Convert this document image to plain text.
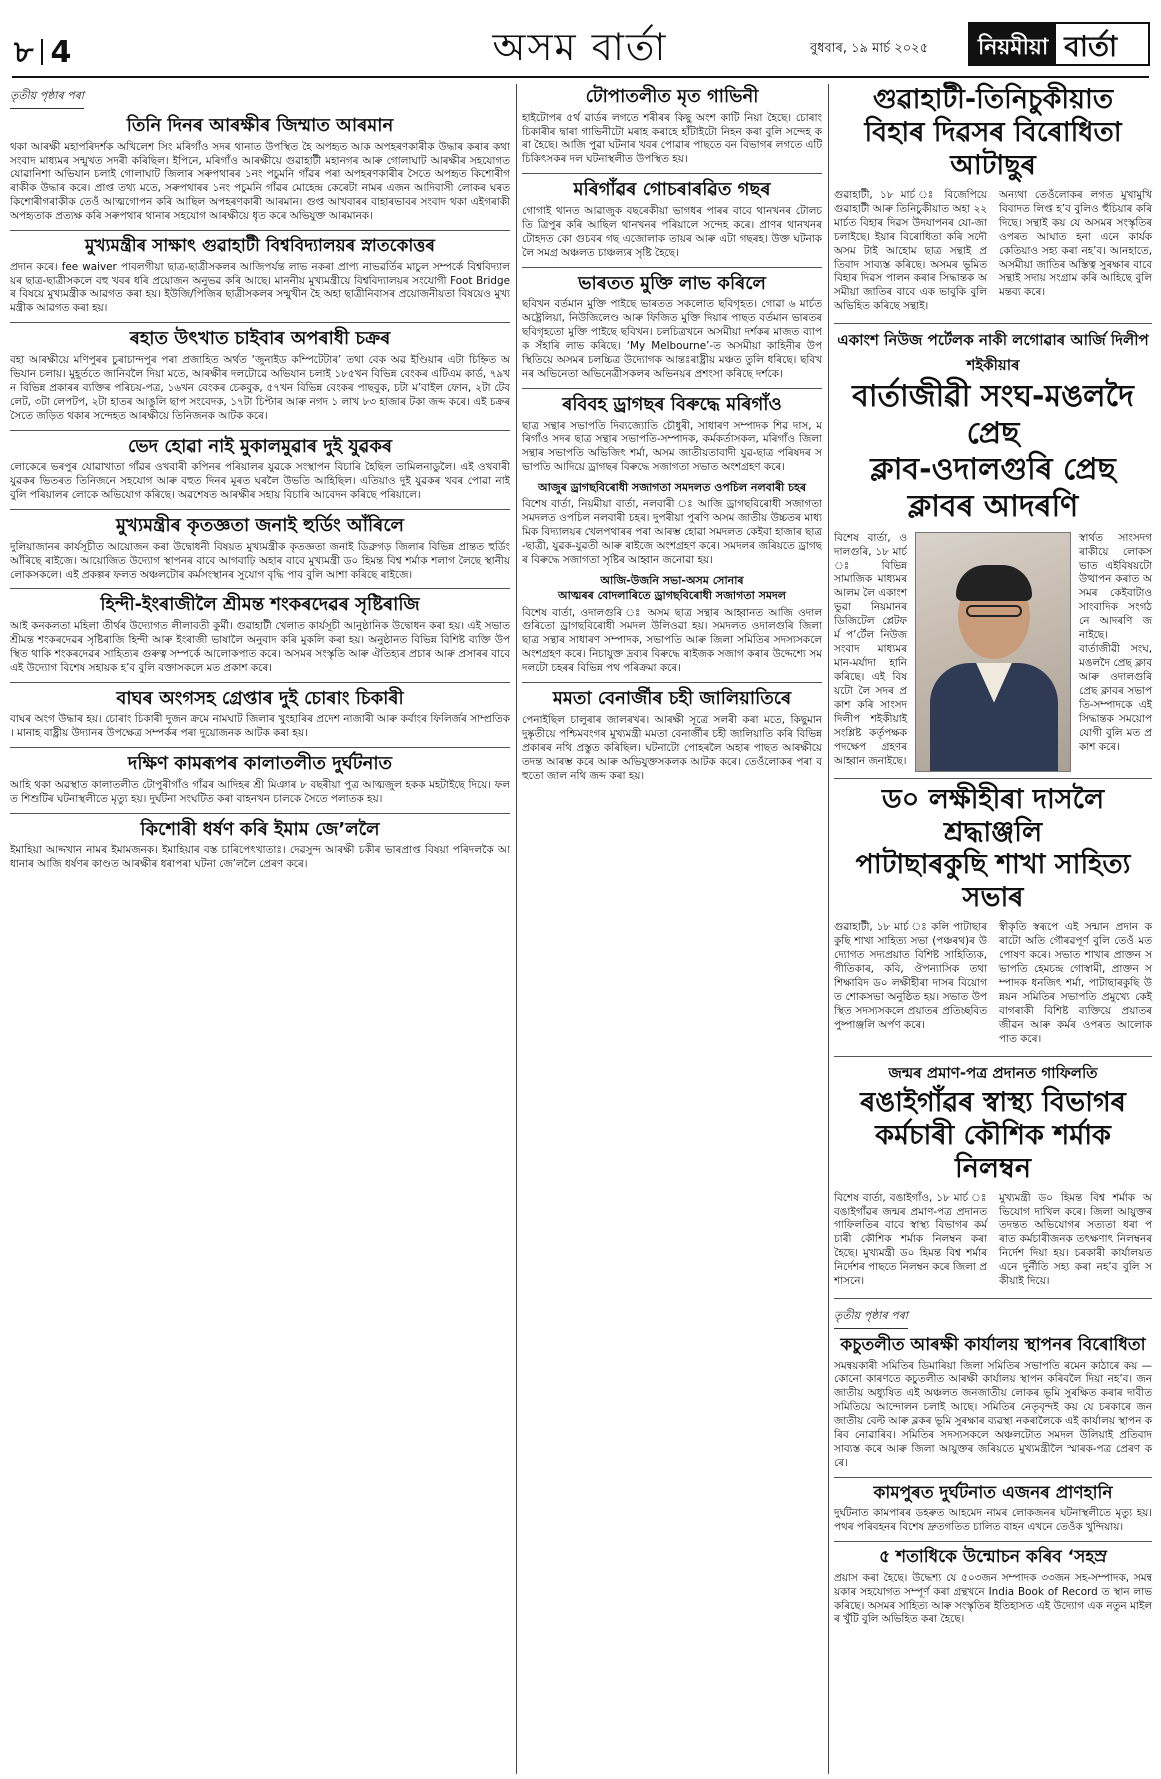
৮ 4	অসম বাৰ্তা	বুধবাৰ, ১৯ মাৰ্চ ২০২৫	নিয়মীয়া বাৰ্তা
তৃতীয় পৃষ্ঠাৰ পৰা
তিনি দিনৰ আৰক্ষীৰ জিম্মাত আৰমান
থকা আৰক্ষী মহাপৰিদৰ্শক অখিলেশ সিং মৰিগাঁও সদৰ থানাত উপস্থিত হৈ অপহৃত আক অপহৰণকাৰীক উদ্ধাৰ কৰাৰ কথা সংবাদ মাধ্যমৰ সন্মুখত সদৰী কৰিছিল। ইপিনে, মৰিগাঁও আৰক্ষীয়ে গুৱাহাটী মহানগৰ আৰু গোলাঘাট আৰক্ষীৰ সহযোগত যোৱানিশা অভিযান চলাই গোলাঘাট জিলাৰ সৰুপথাৰৰ ১নং পচুমনি গাঁৱৰ পৰা অপহৰণকাৰীৰ সৈতে অপহৃত কিশোৰীগৰাকীক উদ্ধাৰ কৰে। প্ৰাপ্ত তথ্য মতে, সৰুপথাৰৰ ১নং পচুমনি গাঁৱৰ মোহেন্দ্ৰ কেৰেটা নামৰ এজন আদিবাসী লোকৰ ঘৰত কিশোৰীগৰাকীক তেওঁ আত্মগোপন কৰি আছিল অপহৰণকাৰী আৰমান। গুপ্ত আখবাৰৰ বাহাৰভাবৰ সংবাদ থকা এইগৰাকী অপহৃতাক প্ৰত্যক্ষ কৰি সৰুপথাৰ থানাৰ সহযোগ আৰক্ষীয়ে ধৃত কৰে অভিযুক্ত আৰমানক।
মুখ্যমন্ত্ৰীৰ সাক্ষাৎ গুৱাহাটী বিশ্ববিদ্যালয়ৰ স্নাতকোত্তৰ
প্ৰদান কৰে। fee waiver পাবলগীয়া ছাত্ৰ-ছাত্ৰীসকলৰ আজিপৰ্যন্ত লাভ নকৰা প্ৰাপ্য নাভৱৰ্তিৰ মাচুল সম্পৰ্কে বিশ্ববিদ্যালয়ৰ ছাত্ৰ-ছাত্ৰীসকলে বহু খবৰ ধৰি প্ৰয়োজন অনুভৱ কৰি আছে। মাননীয় মুখ্যমন্ত্ৰীয়ে বিশ্ববিদ্যালয়ৰ সংযোগী Foot Bridgeৰ বিষয়ে মুখ্যমন্ত্ৰীক আৱগত কৰা হয়। ইউজি/পিজিৰ ছাত্ৰীসকলৰ সন্মুখীন হৈ অহা ছাত্ৰীনিবাসৰ প্ৰয়োজনীয়তা বিষয়েও মুখ্যমন্ত্ৰীক আৱগত কৰা হয়।
ৰহাত উৎখাত চাইবাৰ অপৰাধী চক্ৰৰ
বহা আৰক্ষীয়ে মণিপুৰৰ চুৰাচান্দপুৰ পৰা প্ৰজাহিত অৰ্থত ‘জুনাইড কম্পিটেটাৰ’ তথা বেক অৱ ইণ্ডিয়াৰ এটা চিহ্নিত অভিযান চলায়। মুহূৰ্ততে জানিবলৈ দিয়া মতে, আৰক্ষীৰ দলটোৱে অভিযান চলাই ১৮৫খন বিভিন্ন বেংকৰ এটিএম কাৰ্ড, ৭৯খন বিভিন্ন প্ৰকাৰৰ ব্যক্তিৰ পৰিচয়-পত্ৰ, ১৬খন বেংকৰ চেকবুক, ৫৭খন বিভিন্ন বেংকৰ পাছবুক, চটা ম’বাইল ফোন, ২টা টেবলেট, ৩টা লেপটপ, ২টা হাতৰ আঙুলি ছাপ সংবেদক, ১৭টা চিপ্টাৰ আৰু নগদ ১ লাখ ৮৩ হাজাৰ টকা জব্দ কৰে। এই চক্ৰৰ সৈতে জড়িত থকাৰ সন্দেহত আৰক্ষীয়ে তিনিজনক আটক কৰে।
ভেদ হোৱা নাই মুকালমুৱাৰ দুই যুৱকৰ
লোকেৰে ভৰপুৰ যোৱাখাতা গাঁৱৰ ওখবাৰী কপিনৰ পৰিয়ালৰ যুৱকে সংস্থাপন বিচাৰি হৈছিল তামিলনাডুলৈ। এই ওখবাৰী যুৱকৰ ভিতৰত তিনিজনে সহযোগ আৰু বহুত দিনৰ মূৰত ঘৰলৈ উভতি আহিছিল। এতিয়াও দুই যুৱকৰ খবৰ পোৱা নাই বুলি পৰিয়ালৰ লোকে অভিযোগ কৰিছে। অৱশেষত আৰক্ষীৰ সহায় বিচাৰি আবেদন কৰিছে পৰিয়ালে।
মুখ্যমন্ত্ৰীৰ কৃতজ্ঞতা জনাই হুৰ্ডিং আঁৰিলে
দুলিয়াজানৰ কাৰ্যসূচীত আয়োজন কৰা উদ্বোধনী বিষয়ত মুখ্যমন্ত্ৰীক কৃতজ্ঞতা জনাই ডিব্ৰুগড় জিলাৰ বিভিন্ন প্ৰান্তত হুৰ্ডিং আঁৰিছে ৰাইজে। আয়োজিত উদ্যোগ স্থাপনৰ বাবে আগবাঢ়ি অহাৰ বাবে মুখ্যমন্ত্ৰী ড০ হিমন্ত বিশ্ব শৰ্মাক শলাগ লৈছে স্থানীয় লোকসকলে। এই প্ৰকল্পৰ ফলত অঞ্চলটোৰ কৰ্মসংস্থানৰ সুযোগ বৃদ্ধি পাব বুলি আশা কৰিছে ৰাইজে।
হিন্দী-ইংৰাজীলৈ শ্ৰীমন্ত শংকৰদেৱৰ সৃষ্টিৰাজি
আই কনকলতা মহিলা তীৰ্থৰ উদ্যোগত লীলাবতী কুৰ্মী। গুৱাহাটী খেলাত কাৰ্যসূচী আনুষ্ঠানিক উদ্বোধন কৰা হয়। এই সভাত শ্ৰীমন্ত শংকৰদেৱৰ সৃষ্টিৰাজি হিন্দী আৰু ইংৰাজী ভাষালৈ অনুবাদ কৰি মুকলি কৰা হয়। অনুষ্ঠানত বিভিন্ন বিশিষ্ট ব্যক্তি উপস্থিত থাকি শংকৰদেৱৰ সাহিত্যৰ গুৰুত্ব সম্পৰ্কে আলোকপাত কৰে। অসমৰ সংস্কৃতি আৰু ঐতিহ্যৰ প্ৰচাৰ আৰু প্ৰসাৰৰ বাবে এই উদ্যোগ বিশেষ সহায়ক হ’ব বুলি বক্তাসকলে মত প্ৰকাশ কৰে।
বাঘৰ অংগসহ গ্ৰেপ্তাৰ দুই চোৰাং চিকাৰী
বাঘৰ অংগ উদ্ধাৰ হয়। চোৰাং চিকাৰী দুজন ক্ৰমে নামঘাট জিলাৰ খুংহাৰিৰ প্ৰদেশ নাজাৰী আৰু কৰ্বাংৰ ফিলিৰ্জৰ সাম্প্ৰতিক। মানাহ বাষ্ট্ৰীয় উদ্যানৰ উপক্ষেত্ৰ সম্পৰ্কৰ পৰা দুয়োজনক আটক কৰা হয়।
দক্ষিণ কামৰূপৰ কালাতলীত দুৰ্ঘটনাত
আহি থকা অৱস্থাত কালাতলীত টোপুৰীগাঁও গাঁৱৰ আদিহৰ শ্ৰী মিঞাৰ ৮ বছৰীয়া পুত্ৰ আত্মজুল হকক মহটাইছে দিয়ে। ফলত শিশুটিৰ ঘটনাস্থলীতে মৃত্যু হয়। দুৰ্ঘটনা সংঘটিত কৰা বাহনখন চালকে সৈতে পলাতক হয়।
কিশোৰী ধৰ্ষণ কৰি ইমাম জে’ললৈ
ইমাহিয়া আদ্দখান নামৰ ইমামজনক। ইমাহিয়াৰ বস্ত চাৰিপেৎখাতাঃ। দেৱসুন্দ আৰক্ষী চকীৰ ভাৰপ্ৰাপ্ত বিষয়া পৰিদলকৈ আধানাৰ আজি ধৰ্ষণৰ কাণ্ডত আৰক্ষীৰ ধৰাপৰা ঘটনা জে’ললৈ প্ৰেৰণ কৰে।
টোপাতলীত মৃত গাভিনী
হাইটোপৰ ৫ৰ্থ ৱাৰ্ডৰ লগতে শৰীৰৰ কিছু অংশ কাটি নিয়া হৈছে। চোৰাং চিকাৰীৰ দ্বাৰা গাভিনীটো মৰাহ কৰাহে হাঁটাইটো নিহন কৰা বুলি সন্দেহ কৰা হৈছে। আজি পুৱা ঘটনাৰ খবৰ পোৱাৰ পাছতে বন বিভাগৰ লগতে এটি চিকিৎসকৰ দল ঘটনাস্থলীত উপস্থিত হয়।
মৰিগাঁৱৰ গোচৰাৰৱিত গছৰ
গোগাই থানত আৱাজুক বছৰেকীয়া ভাগধৰ পাৰৰ বাবে থানখনৰ টোলচতি ত্ৰিপুৰ কৰি আছিল থানখনৰ পৰিয়ালে সন্দেহ কৰে। প্ৰাণৰ থানখনৰ টোহদত কো গুচবৰ গছ এজোলাক তায়ৰ আৰু এটা গছৰহ। উক্ত ঘটনাক লৈ সমগ্ৰ অঞ্চলত চাঞ্চল্যৰ সৃষ্টি হৈছে।
ভাৰতত মুক্তি লাভ কৰিলে
ছবিখন বৰ্তমান মুক্তি পাইছে ভাৰতত সকলোত ছবিগৃহত। গোৱা ৬ মাৰ্চত অষ্ট্ৰেলিয়া, নিউজিলেণ্ড আৰু ফিজিত মুক্তি দিয়াৰ পাছত বৰ্তমান ভাৰতৰ ছবিগৃহতো মুক্তি পাইছে ছবিখন। চলচিত্ৰখনে অসমীয়া দৰ্শকৰ মাজত ব্যাপক সঁহাৰি লাভ কৰিছে। ‘My Melbourne’-ত অসমীয়া কাহিনীৰ উপস্থিতিয়ে অসমৰ চলচ্চিত্ৰ উদ্যোগক আন্তঃৰাষ্ট্ৰীয় মঞ্চত তুলি ধৰিছে। ছবিখনৰ অভিনেতা অভিনেত্ৰীসকলৰ অভিনয়ৰ প্ৰশংসা কৰিছে দৰ্শকে।
ৰবিবহ ড্ৰাগছৰ বিৰুদ্ধে মৰিগাঁও
ছাত্ৰ সন্থাৰ সভাপতি দিব্যজ্যোতি চৌধুৰী, সাধাৰণ সম্পাদক শিৱ দাস, মৰিগাঁও সদৰ ছাত্ৰ সন্থাৰ সভাপতি-সম্পাদক, কৰ্মকৰ্তাসকল, মৰিগাঁও জিলা সন্থাৰ সভাপতি অভিজিৎ শৰ্মা, অসম জাতীয়তাবাদী যুৱ-ছাত্ৰ পৰিষদৰ সভাপতি আদিয়ে ড্ৰাগছৰ বিৰুদ্ধে সজাগতা সভাত অংশগ্ৰহণ কৰে।
আজুৰ ড্ৰাগছবিৰোধী সজাগতা সমদলত ওপচিল নলবাৰী চহৰ
বিশেষ বাৰ্তা, নিয়মীয়া বাৰ্তা, নলবাৰী ঃ আজি ড্ৰাগছবিৰোধী সজাগতা সমদলত ওপচিল নলবাৰী চহৰ। দুপৰীয়া পুৰণি অসম জাতীয় উচ্চতৰ মাধ্যমিক বিদ্যালয়ৰ খেলপথাৰৰ পৰা আৰম্ভ হোৱা সমদলত কেইবা হাজাৰ ছাত্ৰ-ছাত্ৰী, যুৱক-যুৱতী আৰু ৰাইজে অংশগ্ৰহণ কৰে। সমদলৰ জৰিয়তে ড্ৰাগছৰ বিৰুদ্ধে সজাগতা সৃষ্টিৰ আহ্বান জনোৱা হয়।
আজি-উজনি সভা-অসম সোনাৰ
আত্মৰৰ বোদলাৰিতে ড্ৰাগছবিৰোধী সজাগতা সমদল
বিশেষ বাৰ্তা, ওদালগুৰি ঃ অসম ছাত্ৰ সন্থাৰ আহ্বানত আজি ওদালগুৰিতো ড্ৰাগছবিৰোধী সমদল উলিওৱা হয়। সমদলত ওদালগুৰি জিলা ছাত্ৰ সন্থাৰ সাধাৰণ সম্পাদক, সভাপতি আৰু জিলা সমিতিৰ সদস্যসকলে অংশগ্ৰহণ কৰে। নিচাযুক্ত দ্ৰব্যৰ বিৰুদ্ধে ৰাইজক সজাগ কৰাৰ উদ্দেশ্যে সমদলটো চহৰৰ বিভিন্ন পথ পৰিক্ৰমা কৰে।
মমতা বেনাৰ্জীৰ চহী জালিয়াতিৰে
পেনাইছিল চালুৰাৰ জালৰখৰ। আৰক্ষী সূত্ৰে সলৰী কৰা মতে, কিছুমান দুষ্কৃতীয়ে পশ্চিমবংগৰ মুখ্যমন্ত্ৰী মমতা বেনাৰ্জীৰ চহী জালিয়াতি কৰি বিভিন্ন প্ৰকাৰৰ নথি প্ৰস্তুত কৰিছিল। ঘটনাটো পোহৰলৈ অহাৰ পাছত আৰক্ষীয়ে তদন্ত আৰম্ভ কৰে আৰু অভিযুক্তসকলক আটক কৰে। তেওঁলোকৰ পৰা বহুতো জাল নথি জব্দ কৰা হয়।
গুৱাহাটী-তিনিচুকীয়াত
বিহাৰ দিৱসৰ বিৰোধিতা আটাছুৰ
গুৱাহাটী, ১৮ মাৰ্চ ঃ বিজেপিয়ে গুৱাহাটী আৰু তিনিচুকীয়াত অহা ২২ মাৰ্চত বিহাৰ দিৱস উদযাপনৰ যো-জা চলাইছে। ইয়াৰ বিৰোধিতা কৰি সদৌ অসম টাই আহোম ছাত্ৰ সন্থাই প্ৰতিবাদ সাব্যস্ত কৰিছে। অসমৰ ভূমিত বিহাৰ দিৱস পালন কৰাৰ সিদ্ধান্তক অসমীয়া জাতিৰ বাবে এক ভাবুকি বুলি অভিহিত কৰিছে সন্থাই।
অন্যথা তেওঁলোকৰ লগত মুখামুখি বিবাদত লিপ্ত হ’ব বুলিও হুঁচিয়াৰ কৰি দিছে। সন্থাই কয় যে অসমৰ সংস্কৃতিৰ ওপৰত আঘাত হনা এনে কাৰ্যক কেতিয়াও সহ্য কৰা নহ’ব। আনহাতে, অসমীয়া জাতিৰ অস্তিত্ব সুৰক্ষাৰ বাবে সন্থাই সদায় সংগ্ৰাম কৰি আহিছে বুলি মন্তব্য কৰে।
একাংশ নিউজ পৰ্টেলক নাকী লগোৱাৰ আৰ্জি দিলীপ শইকীয়াৰ
বাৰ্তাজীৱী সংঘ-মঙলদৈ প্ৰেছ
ক্লাব-ওদালগুৰি প্ৰেছ ক্লাবৰ আদৰণি
বিশেষ বাৰ্তা, ওদালগুৰি, ১৮ মাৰ্চ ঃ বিভিন্ন সামাজিক মাধ্যমৰ আলম লৈ একাংশ ভুৱা নিয়মানৰ ডিজিটেল প্লেটফৰ্ম প’ৰ্টেল নিউজ সংবাদ মাধ্যমৰ মান-মৰ্যাদা হানি কৰিছে। এই বিষয়টো লৈ সদৰ প্ৰকাশ কৰি সাংসদ দিলীপ শইকীয়াই সংশ্লিষ্ট কৰ্তৃপক্ষক পদক্ষেপ গ্ৰহণৰ আহ্বান জনাইছে।
স্বাৰ্থত সাংসদগৰাকীয়ে লোকসভাত এইবিষয়টো উত্থাপন কৰাত অসমৰ কেইবাটাও সাংবাদিক সংগঠনে আদৰণি জনাইছে। বাৰ্তাজীৱী সংঘ, মঙলদৈ প্ৰেছ ক্লাব আৰু ওদালগুৰি প্ৰেছ ক্লাবৰ সভাপতি-সম্পাদকে এই সিদ্ধান্তক সময়োপযোগী বুলি মত প্ৰকাশ কৰে।
ড০ লক্ষীহীৰা দাসলৈ শ্ৰদ্ধাঞ্জলি
পাটাছাৰকুছি শাখা সাহিত্য সভাৰ
গুৱাহাটী, ১৮ মাৰ্চ ঃ কলি পাটাছাৰকুছি শাখা সাহিত্য সভা (পঞ্চৰথ)ৰ উদ্যোগত সদ্যপ্ৰয়াত বিশিষ্ট সাহিত্যিক, গীতিকাৰ, কবি, ঔপন্যাসিক তথা শিক্ষাবিদ ড০ লক্ষীহীৰা দাসৰ বিয়োগত শোকসভা অনুষ্ঠিত হয়। সভাত উপস্থিত সদস্যসকলে প্ৰয়াতৰ প্ৰতিচ্ছবিত পুষ্পাঞ্জলি অৰ্পণ কৰে।
স্বীকৃতি স্বৰূপে এই সন্মান প্ৰদান কৰাটো অতি গৌৰৱপূৰ্ণ বুলি তেওঁ মত পোষণ কৰে। সভাত শাখাৰ প্ৰাক্তন সভাপতি হেমচন্দ্ৰ গোস্বামী, প্ৰাক্তন সম্পাদক ধনজিৎ শৰ্মা, পাটাছাৰকুছি উন্নয়ন সমিতিৰ সভাপতি প্ৰমুখ্যে কেইবাগৰাকী বিশিষ্ট ব্যক্তিয়ে প্ৰয়াতৰ জীৱন আৰু কৰ্মৰ ওপৰত আলোকপাত কৰে।
জন্মৰ প্ৰমাণ-পত্ৰ প্ৰদানত গাফিলতি
ৰঙাইগাঁৱৰ স্বাস্থ্য বিভাগৰ
কৰ্মচাৰী কৌশিক শৰ্মাক নিলম্বন
বিশেষ বাৰ্তা, বঙাইগাঁও, ১৮ মাৰ্চ ঃ বঙাইগাঁৱৰ জন্মৰ প্ৰমাণ-পত্ৰ প্ৰদানত গাফিলতিৰ বাবে স্বাস্থ্য বিভাগৰ কৰ্মচাৰী কৌশিক শৰ্মাক নিলম্বন কৰা হৈছে। মুখ্যমন্ত্ৰী ড০ হিমন্ত বিশ্ব শৰ্মাৰ নিৰ্দেশৰ পাছতে নিলম্বন কৰে জিলা প্ৰশাসনে।
মুখ্যমন্ত্ৰী ড০ হিমন্ত বিশ্ব শৰ্মাক অভিযোগ দাখিল কৰে। জিলা আয়ুক্তৰ তদন্তত অভিযোগৰ সত্যতা ধৰা পৰাত কৰ্মচাৰীজনক তৎক্ষণাৎ নিলম্বনৰ নিৰ্দেশ দিয়া হয়। চৰকাৰী কাৰ্যালয়ত এনে দুৰ্নীতি সহ্য কৰা নহ’ব বুলি সকীয়াই দিয়ে।
তৃতীয় পৃষ্ঠাৰ পৰা
কচুতলীত আৰক্ষী কাৰ্যালয় স্থাপনৰ বিৰোধিতা
সমন্বয়কাৰী সমিতিৰ ডিমাৰিয়া জিলা সমিতিৰ সভাপতি ৰমেন কাঠাৰে কয় — কোনো কাৰণতে কচুতলীত আৰক্ষী কাৰ্যালয় স্থাপন কৰিবলৈ দিয়া নহ’ব। জনজাতীয় অধ্যুষিত এই অঞ্চলত জনজাতীয় লোকৰ ভূমি সুৰক্ষিত কৰাৰ দাবীত সমিতিয়ে আন্দোলন চলাই আছে। সমিতিৰ নেতৃবৃন্দই কয় যে চৰকাৰে জনজাতীয় বেল্ট আৰু ব্লকৰ ভূমি সুৰক্ষাৰ ব্যৱস্থা নকৰালৈকে এই কাৰ্যালয় স্থাপন কৰিব নোৱাৰিব। সমিতিৰ সদস্যসকলে অঞ্চলটোত সমদল উলিয়াই প্ৰতিবাদ সাব্যস্ত কৰে আৰু জিলা আয়ুক্তৰ জৰিয়তে মুখ্যমন্ত্ৰীলৈ স্মাৰক-পত্ৰ প্ৰেৰণ কৰে।
কামপুৰত দুৰ্ঘটনাত এজনৰ প্ৰাণহানি
দুৰ্ঘটনাত কামপাৰৰ ডহৰুত আহমেদ নামৰ লোকজনৰ ঘটনাস্থলীতে মৃত্যু হয়। পথৰ পৰিবহনৰ বিশেষ দ্ৰুতগতিত চালিত বাহন এখনে তেওঁক খুন্দিয়ায়।
৫ শতাধিকে উন্মোচন কৰিব ‘সহস্ৰ
প্ৰয়াস কৰা হৈছে। উদ্ধেশ্য যে ৫০৩জন সম্পাদক ৩৩জন সহ-সম্পাদক, সমন্বয়কাৰ সহযোগত সম্পূৰ্ণ কৰা গ্ৰন্থখনে India Book of Record ত স্থান লাভ কৰিছে। অসমৰ সাহিত্য আৰু সংস্কৃতিৰ ইতিহাসত এই উদ্যোগ এক নতুন মাইলৰ খুঁটি বুলি অভিহিত কৰা হৈছে।
